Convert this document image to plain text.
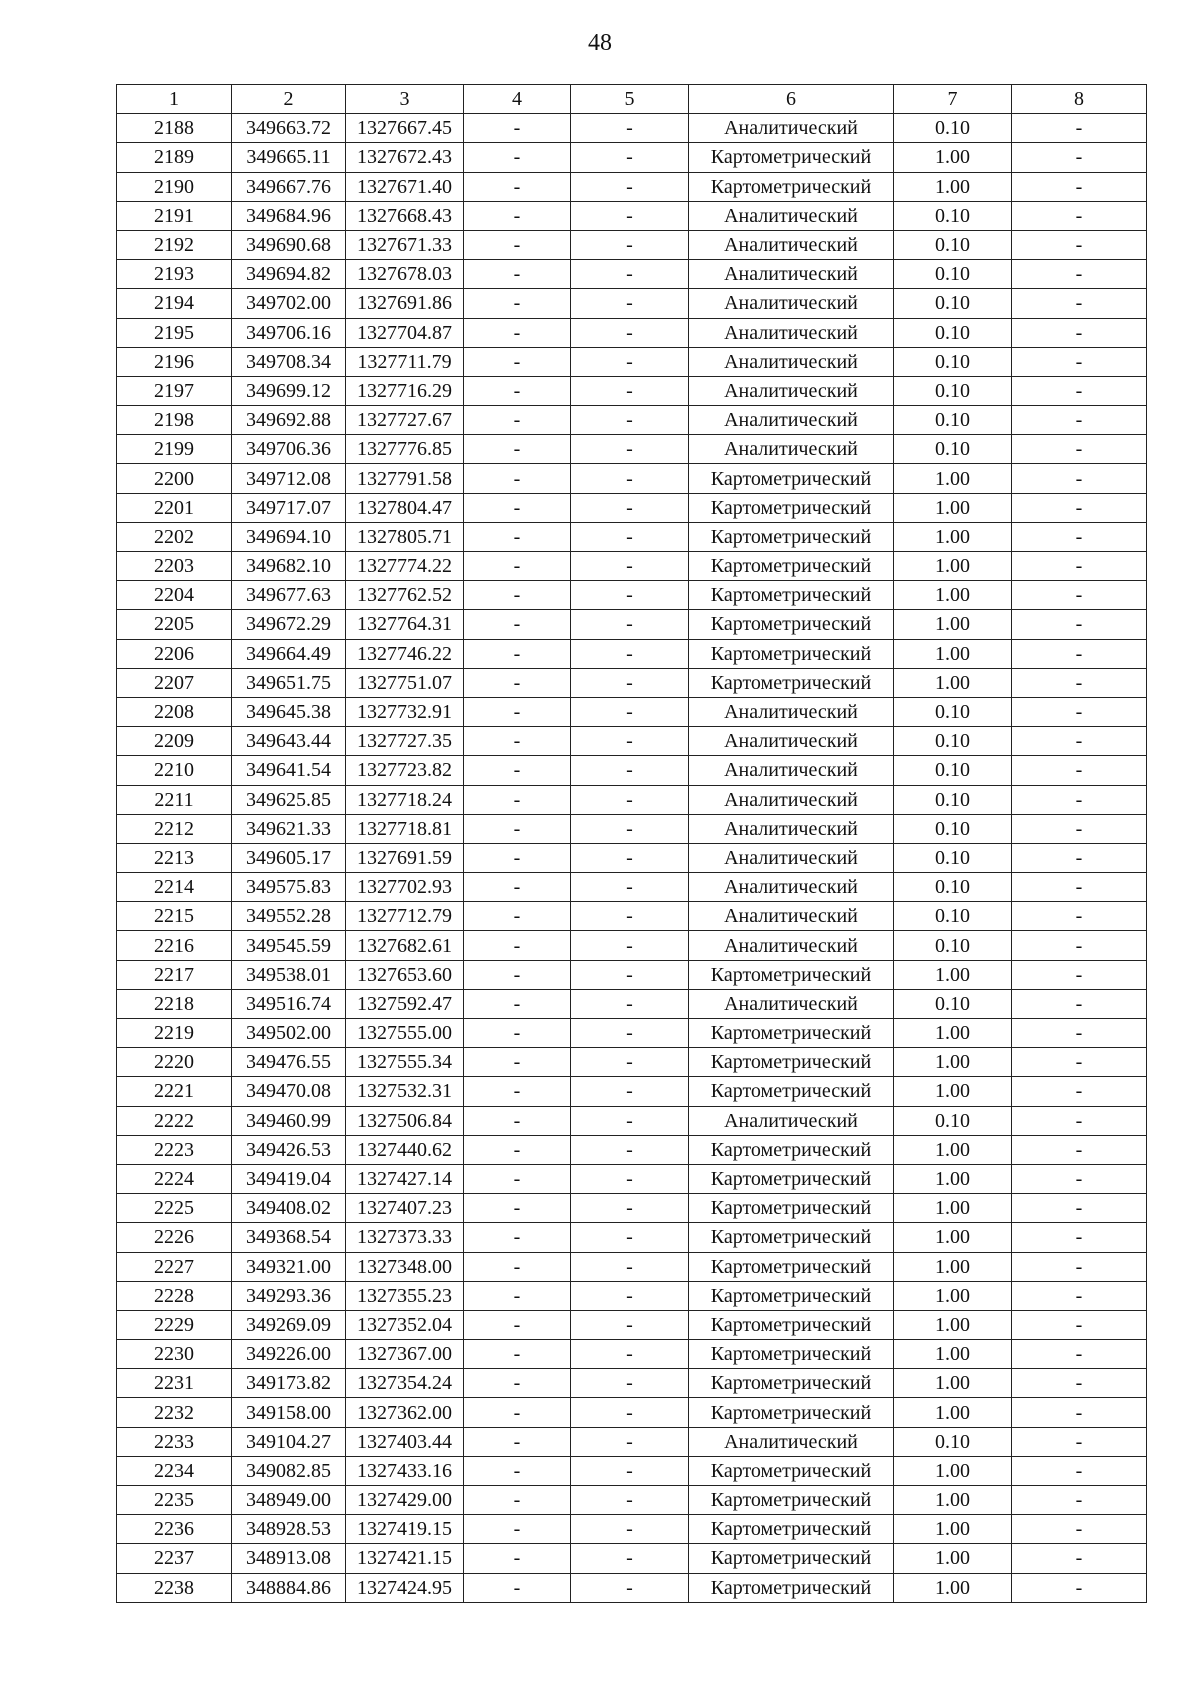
48
1	2	3	4	5	6	7	8
2188	349663.72	1327667.45	-	-	Аналитический	0.10	-
2189	349665.11	1327672.43	-	-	Картометрический	1.00	-
2190	349667.76	1327671.40	-	-	Картометрический	1.00	-
2191	349684.96	1327668.43	-	-	Аналитический	0.10	-
2192	349690.68	1327671.33	-	-	Аналитический	0.10	-
2193	349694.82	1327678.03	-	-	Аналитический	0.10	-
2194	349702.00	1327691.86	-	-	Аналитический	0.10	-
2195	349706.16	1327704.87	-	-	Аналитический	0.10	-
2196	349708.34	1327711.79	-	-	Аналитический	0.10	-
2197	349699.12	1327716.29	-	-	Аналитический	0.10	-
2198	349692.88	1327727.67	-	-	Аналитический	0.10	-
2199	349706.36	1327776.85	-	-	Аналитический	0.10	-
2200	349712.08	1327791.58	-	-	Картометрический	1.00	-
2201	349717.07	1327804.47	-	-	Картометрический	1.00	-
2202	349694.10	1327805.71	-	-	Картометрический	1.00	-
2203	349682.10	1327774.22	-	-	Картометрический	1.00	-
2204	349677.63	1327762.52	-	-	Картометрический	1.00	-
2205	349672.29	1327764.31	-	-	Картометрический	1.00	-
2206	349664.49	1327746.22	-	-	Картометрический	1.00	-
2207	349651.75	1327751.07	-	-	Картометрический	1.00	-
2208	349645.38	1327732.91	-	-	Аналитический	0.10	-
2209	349643.44	1327727.35	-	-	Аналитический	0.10	-
2210	349641.54	1327723.82	-	-	Аналитический	0.10	-
2211	349625.85	1327718.24	-	-	Аналитический	0.10	-
2212	349621.33	1327718.81	-	-	Аналитический	0.10	-
2213	349605.17	1327691.59	-	-	Аналитический	0.10	-
2214	349575.83	1327702.93	-	-	Аналитический	0.10	-
2215	349552.28	1327712.79	-	-	Аналитический	0.10	-
2216	349545.59	1327682.61	-	-	Аналитический	0.10	-
2217	349538.01	1327653.60	-	-	Картометрический	1.00	-
2218	349516.74	1327592.47	-	-	Аналитический	0.10	-
2219	349502.00	1327555.00	-	-	Картометрический	1.00	-
2220	349476.55	1327555.34	-	-	Картометрический	1.00	-
2221	349470.08	1327532.31	-	-	Картометрический	1.00	-
2222	349460.99	1327506.84	-	-	Аналитический	0.10	-
2223	349426.53	1327440.62	-	-	Картометрический	1.00	-
2224	349419.04	1327427.14	-	-	Картометрический	1.00	-
2225	349408.02	1327407.23	-	-	Картометрический	1.00	-
2226	349368.54	1327373.33	-	-	Картометрический	1.00	-
2227	349321.00	1327348.00	-	-	Картометрический	1.00	-
2228	349293.36	1327355.23	-	-	Картометрический	1.00	-
2229	349269.09	1327352.04	-	-	Картометрический	1.00	-
2230	349226.00	1327367.00	-	-	Картометрический	1.00	-
2231	349173.82	1327354.24	-	-	Картометрический	1.00	-
2232	349158.00	1327362.00	-	-	Картометрический	1.00	-
2233	349104.27	1327403.44	-	-	Аналитический	0.10	-
2234	349082.85	1327433.16	-	-	Картометрический	1.00	-
2235	348949.00	1327429.00	-	-	Картометрический	1.00	-
2236	348928.53	1327419.15	-	-	Картометрический	1.00	-
2237	348913.08	1327421.15	-	-	Картометрический	1.00	-
2238	348884.86	1327424.95	-	-	Картометрический	1.00	-
